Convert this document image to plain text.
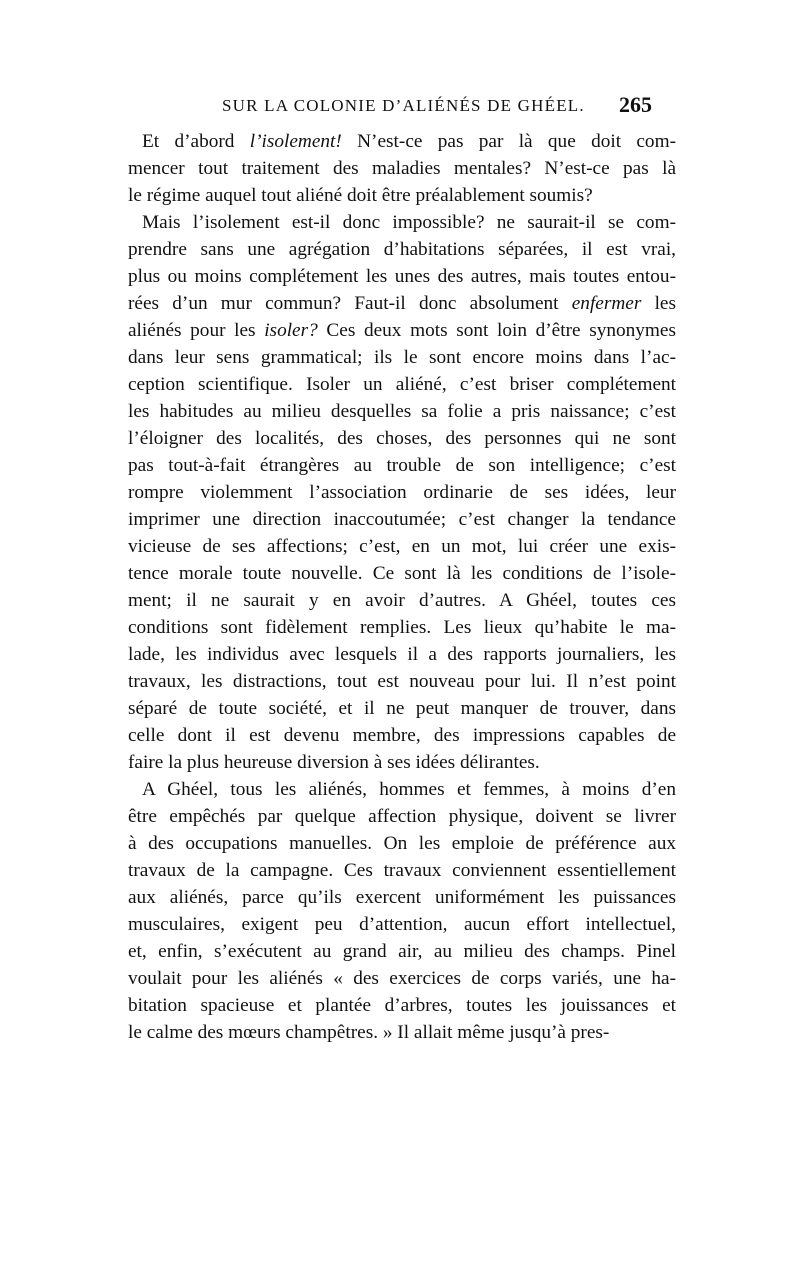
SUR LA COLONIE D’ALIÉNÉS DE GHÉEL. 265
Et d’abord l’isolement! N’est-ce pas par là que doit com-
mencer tout traitement des maladies mentales? N’est-ce pas là
le régime auquel tout aliéné doit être préalablement soumis?
Mais l’isolement est-il donc impossible? ne saurait-il se com-
prendre sans une agrégation d’habitations séparées, il est vrai,
plus ou moins complétement les unes des autres, mais toutes entou-
rées d’un mur commun? Faut-il donc absolument enfermer les
aliénés pour les isoler? Ces deux mots sont loin d’être synonymes
dans leur sens grammatical; ils le sont encore moins dans l’ac-
ception scientifique. Isoler un aliéné, c’est briser complétement
les habitudes au milieu desquelles sa folie a pris naissance; c’est
l’éloigner des localités, des choses, des personnes qui ne sont
pas tout-à-fait étrangères au trouble de son intelligence; c’est
rompre violemment l’association ordinarie de ses idées, leur
imprimer une direction inaccoutumée; c’est changer la tendance
vicieuse de ses affections; c’est, en un mot, lui créer une exis-
tence morale toute nouvelle. Ce sont là les conditions de l’isole-
ment; il ne saurait y en avoir d’autres. A Ghéel, toutes ces
conditions sont fidèlement remplies. Les lieux qu’habite le ma-
lade, les individus avec lesquels il a des rapports journaliers, les
travaux, les distractions, tout est nouveau pour lui. Il n’est point
séparé de toute société, et il ne peut manquer de trouver, dans
celle dont il est devenu membre, des impressions capables de
faire la plus heureuse diversion à ses idées délirantes.
A Ghéel, tous les aliénés, hommes et femmes, à moins d’en
être empêchés par quelque affection physique, doivent se livrer
à des occupations manuelles. On les emploie de préférence aux
travaux de la campagne. Ces travaux conviennent essentiellement
aux aliénés, parce qu’ils exercent uniformément les puissances
musculaires, exigent peu d’attention, aucun effort intellectuel,
et, enfin, s’exécutent au grand air, au milieu des champs. Pinel
voulait pour les aliénés « des exercices de corps variés, une ha-
bitation spacieuse et plantée d’arbres, toutes les jouissances et
le calme des mœurs champêtres. » Il allait même jusqu’à pres-
